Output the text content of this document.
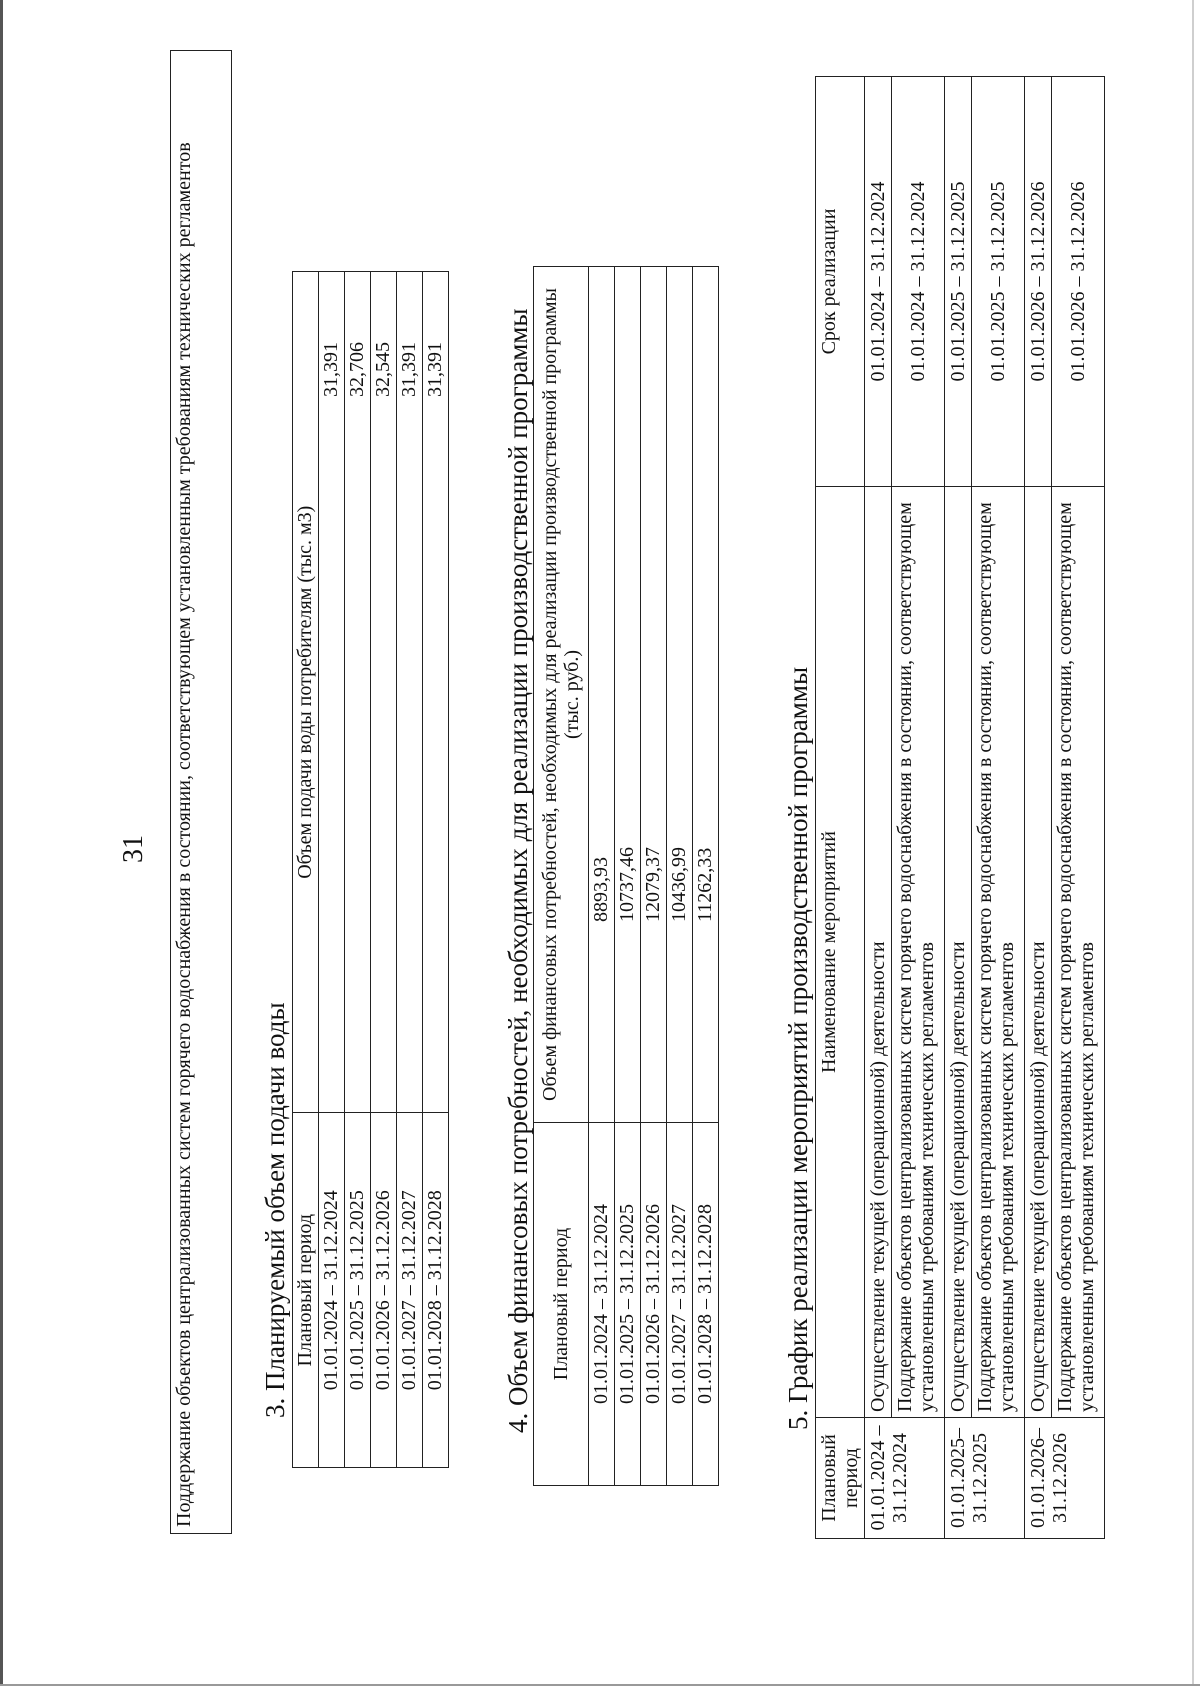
31 Поддержание объектов централизованных систем горячего водоснабжения в состоянии, соответствующем установленным требованиям технических регламентов 3. Планируемый объем подачи воды Плановый период	Объем подачи воды потребителям (тыс. м3)
01.01.2024 – 31.12.2024	31,391
01.01.2025 – 31.12.2025	32,706
01.01.2026 – 31.12.2026	32,545
01.01.2027 – 31.12.2027	31,391
01.01.2028 – 31.12.2028	31,391 4. Объем финансовых потребностей, необходимых для реализации производственной программы Плановый период	Объем финансовых потребностей, необходимых для реализации производственной программы (тыс. руб.)
01.01.2024 – 31.12.2024	8893,93
01.01.2025 – 31.12.2025	10737,46
01.01.2026 – 31.12.2026	12079,37
01.01.2027 – 31.12.2027	10436,99
01.01.2028 – 31.12.2028	11262,33 5. График реализации мероприятий производственной программы
Плановый период	Наименование мероприятий	Срок реализации
01.01.2024 – 31.12.2024	Осуществление текущей (операционной) деятельности	01.01.2024 – 31.12.2024
	Поддержание объектов централизованных систем горячего водоснабжения в состоянии, соответствующем установленным требованиям технических регламентов	01.01.2024 – 31.12.2024
01.01.2025– 31.12.2025	Осуществление текущей (операционной) деятельности	01.01.2025 – 31.12.2025
	Поддержание объектов централизованных систем горячего водоснабжения в состоянии, соответствующем установленным требованиям технических регламентов	01.01.2025 – 31.12.2025
01.01.2026– 31.12.2026	Осуществление текущей (операционной) деятельности	01.01.2026 – 31.12.2026
	Поддержание объектов централизованных систем горячего водоснабжения в состоянии, соответствующем установленным требованиям технических регламентов	01.01.2026 – 31.12.2026
